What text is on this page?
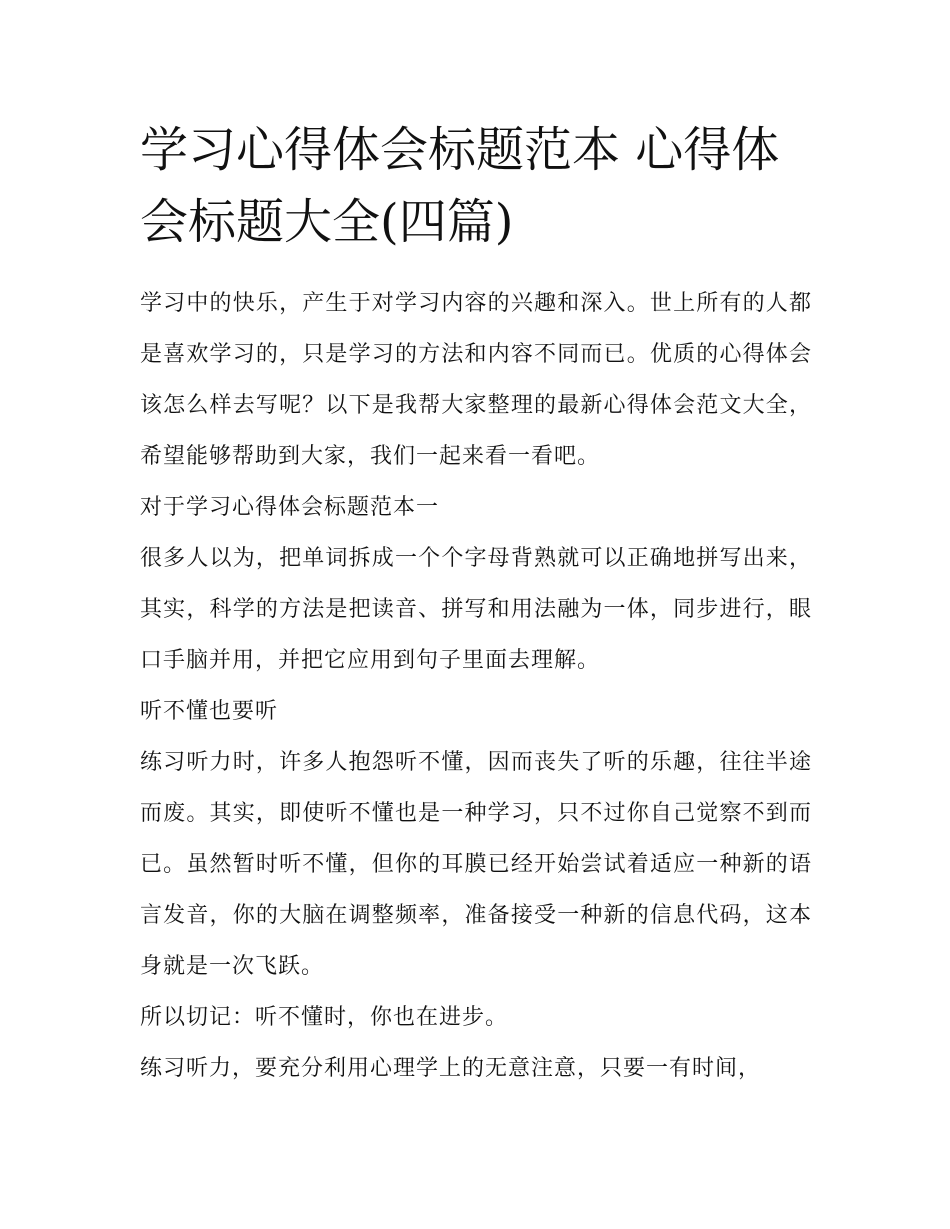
学习心得体会标题范本 心得体会标题大全(四篇)

学习中的快乐，产生于对学习内容的兴趣和深入。世上所有的人都是喜欢学习的，只是学习的方法和内容不同而已。优质的心得体会该怎么样去写呢？以下是我帮大家整理的最新心得体会范文大全，希望能够帮助到大家，我们一起来看一看吧。

对于学习心得体会标题范本一

很多人以为，把单词拆成一个个字母背熟就可以正确地拼写出来，其实，科学的方法是把读音、拼写和用法融为一体，同步进行，眼口手脑并用，并把它应用到句子里面去理解。

听不懂也要听

练习听力时，许多人抱怨听不懂，因而丧失了听的乐趣，往往半途而废。其实，即使听不懂也是一种学习，只不过你自己觉察不到而已。虽然暂时听不懂，但你的耳膜已经开始尝试着适应一种新的语言发音，你的大脑在调整频率，准备接受一种新的信息代码，这本身就是一次飞跃。

所以切记：听不懂时，你也在进步。

练习听力，要充分利用心理学上的无意注意，只要一有时间，
